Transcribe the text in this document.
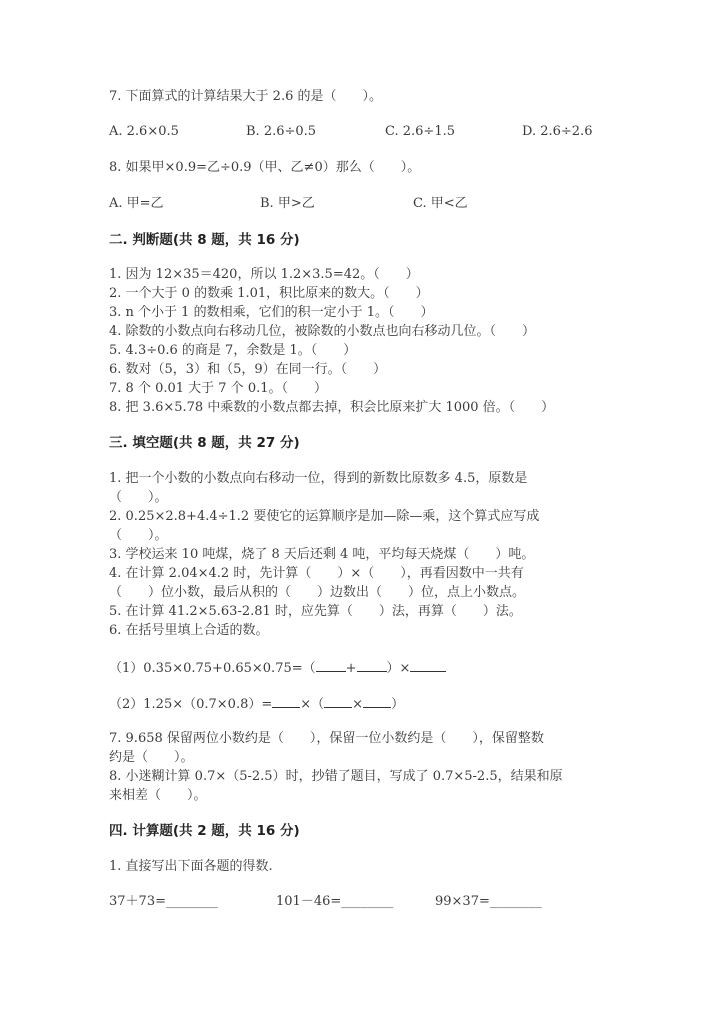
7. 下面算式的计算结果大于 2.6 的是（　　）。
A. 2.6×0.5	B. 2.6÷0.5	C. 2.6÷1.5	D. 2.6÷2.6
8. 如果甲×0.9=乙÷0.9（甲、乙≠0）那么（　　）。
A. 甲=乙	B. 甲>乙	C. 甲<乙
二. 判断题(共 8 题，共 16 分)
1. 因为 12×35＝420，所以 1.2×3.5=42。（　　）
2. 一个大于 0 的数乘 1.01，积比原来的数大。（　　）
3. n 个小于 1 的数相乘，它们的积一定小于 1。（　　）
4. 除数的小数点向右移动几位，被除数的小数点也向右移动几位。（　　）
5. 4.3÷0.6 的商是 7，余数是 1。（　　）
6. 数对（5，3）和（5，9）在同一行。（　　）
7. 8 个 0.01 大于 7 个 0.1。（　　）
8. 把 3.6×5.78 中乘数的小数点都去掉，积会比原来扩大 1000 倍。（　　）
三. 填空题(共 8 题，共 27 分)
1. 把一个小数的小数点向右移动一位，得到的新数比原数多 4.5，原数是
（　　）。
2. 0.25×2.8+4.4÷1.2 要使它的运算顺序是加—除—乘，这个算式应写成
（　　）。
3. 学校运来 10 吨煤，烧了 8 天后还剩 4 吨，平均每天烧煤（　　）吨。
4. 在计算 2.04×4.2 时，先计算（　　）×（　　），再看因数中一共有
（　　）位小数，最后从积的（　　）边数出（　　）位，点上小数点。
5. 在计算 41.2×5.63-2.81 时，应先算（　　）法，再算（　　）法。
6. 在括号里填上合适的数。
（1）0.35×0.75+0.65×0.75=（ + ）×
（2）1.25×（0.7×0.8）= ×（ × ）
7. 9.658 保留两位小数约是（　　），保留一位小数约是（　　），保留整数
约是（　　）。
8. 小迷糊计算 0.7×（5-2.5）时，抄错了题目，写成了 0.7×5-2.5，结果和原
来相差（　　）。
四. 计算题(共 2 题，共 16 分)
1. 直接写出下面各题的得数.
37＋73=________	101－46=________	99×37=________
